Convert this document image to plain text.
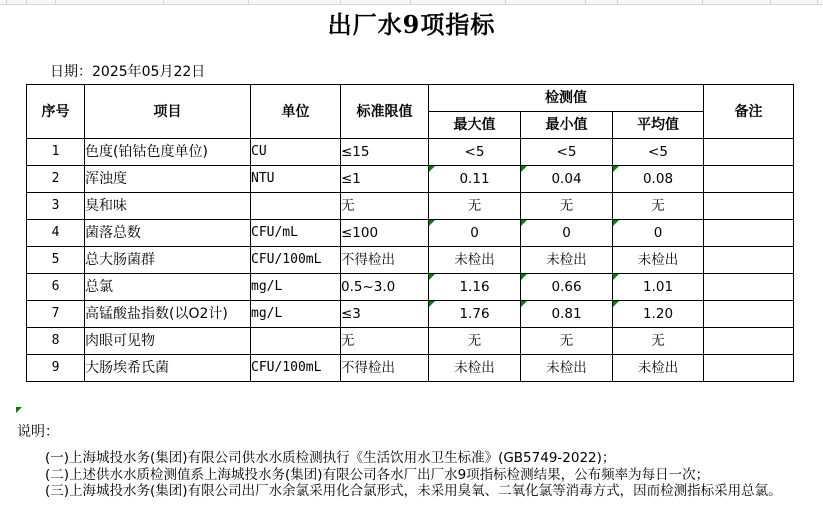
出厂水9项指标
日期：2025年05月22日
序号	项目	单位	标准限值	检测值			备注
				最大值	最小值	平均值	
1	色度(铂钴色度单位)	CU	≤15	<5	<5	<5	
2	浑浊度	NTU	≤1	0.11	0.04	0.08	
3	臭和味		无	无	无	无	
4	菌落总数	CFU/mL	≤100	0	0	0	
5	总大肠菌群	CFU/100mL	不得检出	未检出	未检出	未检出	
6	总氯	mg/L	0.5~3.0	1.16	0.66	1.01	
7	高锰酸盐指数(以O2计)	mg/L	≤3	1.76	0.81	1.20	
8	肉眼可见物		无	无	无	无	
9	大肠埃希氏菌	CFU/100mL	不得检出	未检出	未检出	未检出	
说明：
(一)上海城投水务(集团)有限公司供水水质检测执行《生活饮用水卫生标准》(GB5749-2022)；
(二)上述供水水质检测值系上海城投水务(集团)有限公司各水厂出厂水9项指标检测结果，公布频率为每日一次；
(三)上海城投水务(集团)有限公司出厂水余氯采用化合氯形式，未采用臭氧、二氧化氯等消毒方式，因而检测指标采用总氯。
